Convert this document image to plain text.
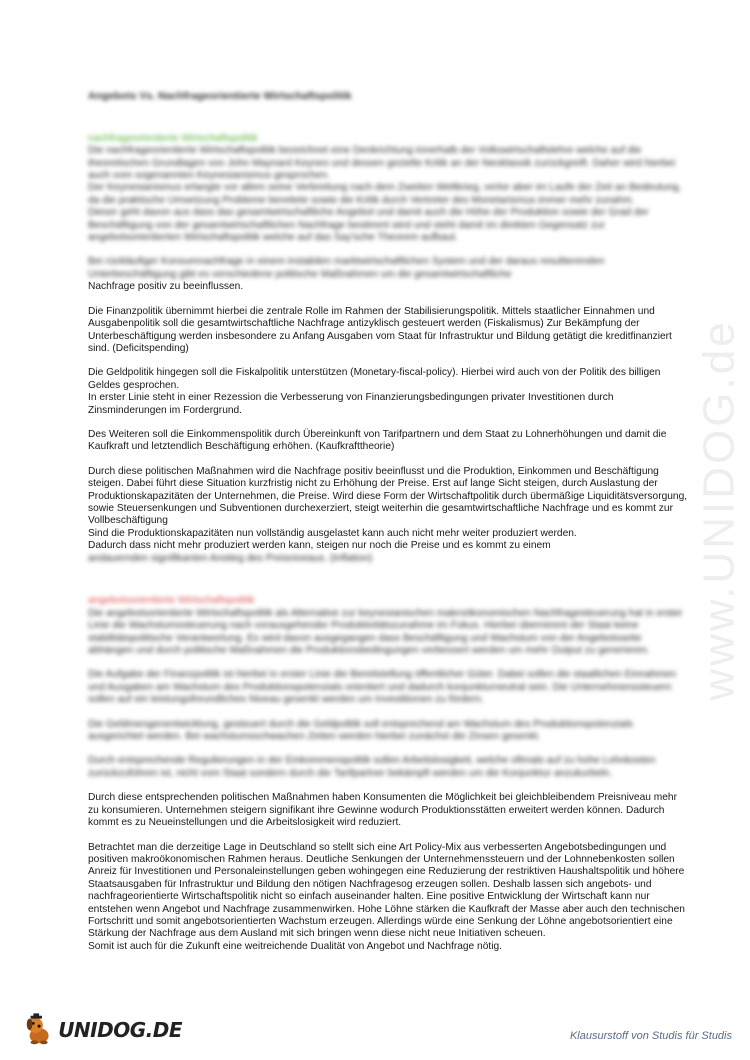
www.UNIDOG.de
Angebots Vs. Nachfrageorientierte Wirtschaftspolitik

nachfrageorientierte Wirtschaftspolitik
Die nachfrageorientierte Wirtschaftspolitik bezeichnet eine Denkrichtung innerhalb der Volkswirtschaftslehre welche auf die theoretischen Grundlagen von John Maynard Keynes und dessen gezielte Kritik an der Neoklassik zurückgreift. Daher wird hierbei auch vom sogenannten Keynesianismus gesprochen.
Der Keynesianismus erlangte vor allem seine Verbreitung nach dem Zweiten Weltkrieg, verlor aber im Laufe der Zeit an Bedeutung, da die praktische Umsetzung Probleme bereitete sowie die Kritik durch Vertreter des Monetarismus immer mehr zunahm.
Dieser geht davon aus dass das gesamtwirtschaftliche Angebot und damit auch die Höhe der Produktion sowie der Grad der Beschäftigung von der gesamtwirtschaftlichen Nachfrage bestimmt wird und steht damit im direkten Gegensatz zur angebotsorientierten Wirtschaftspolitik welche auf das Say'sche Theorem aufbaut.

Bei rückläufiger Konsumnachfrage in einem instabilen marktwirtschaftlichen System und der daraus resultierenden Unterbeschäftigung gibt es verschiedene politische Maßnahmen um die gesamtwirtschaftliche
Nachfrage positiv zu beeinflussen.
Die Finanzpolitik übernimmt hierbei die zentrale Rolle im Rahmen der Stabilisierungspolitik. Mittels staatlicher Einnahmen und Ausgabenpolitik soll die gesamtwirtschaftliche Nachfrage antizyklisch gesteuert werden (Fiskalismus) Zur Bekämpfung der Unterbeschäftigung werden insbesondere zu Anfang Ausgaben vom Staat für Infrastruktur und Bildung getätigt die kreditfinanziert sind. (Deficitspending)
Die Geldpolitik hingegen soll die Fiskalpolitik unterstützen (Monetary-fiscal-policy). Hierbei wird auch von der Politik des billigen Geldes gesprochen.
In erster Linie steht in einer Rezession die Verbesserung von Finanzierungsbedingungen privater Investitionen durch Zinsminderungen im Fordergrund.
Des Weiteren soll die Einkommenspolitik durch Übereinkunft von Tarifpartnern und dem Staat zu Lohnerhöhungen und damit die Kaufkraft und letztendlich Beschäftigung erhöhen. (Kaufkrafttheorie)
Durch diese politischen Maßnahmen wird die Nachfrage positiv beeinflusst und die Produktion, Einkommen und Beschäftigung steigen. Dabei führt diese Situation kurzfristig nicht zu Erhöhung der Preise. Erst auf lange Sicht steigen, durch Auslastung der Produktionskapazitäten der Unternehmen, die Preise. Wird diese Form der Wirtschaftpolitik durch übermäßige Liquiditätsversorgung, sowie Steuersenkungen und Subventionen durchexerziert, steigt weiterhin die gesamtwirtschaftliche Nachfrage und es kommt zur Vollbeschäftigung
Sind die Produktionskapazitäten nun vollständig ausgelastet kann auch nicht mehr weiter produziert werden.
Dadurch dass nicht mehr produziert werden kann, steigen nur noch die Preise und es kommt zu einem
andauernden signifikanten Anstieg des Preisniveaus. (Inflation)

angebotsorientierte Wirtschaftspolitik
Die angebotsorientierte Wirtschaftspolitik als Alternative zur keynesianischen makroökonomischen Nachfragesteuerung hat in erster Linie die Wachstumssteuerung nach vorausgehender Produktivitätszunahme im Fokus. Hierbei übernimmt der Staat keine stabilitätspolitische Verantwortung. Es wird davon ausgegangen dass Beschäftigung und Wachstum von der Angebotsseite abhängen und durch politische Maßnahmen die Produktionsbedingungen verbessert werden um mehr Output zu generieren.

Die Aufgabe der Finanzpolitik ist hierbei in erster Linie die Bereitstellung öffentlicher Güter. Dabei sollen die staatlichen Einnahmen und Ausgaben am Wachstum des Produktionspotenzials orientiert und dadurch konjunkturneutral sein. Die Unternehmenssteuern sollen auf ein leistungsfreundliches Niveau gesenkt werden um Investitionen zu fördern.
Die Geldmengenentwicklung, gesteuert durch die Geldpolitik soll entsprechend am Wachstum des Produktionspotenzials ausgerichtet werden. Bei wachstumsschwachen Zeiten werden hierbei zunächst die Zinsen gesenkt.
Durch entsprechende Regulierungen in der Einkommenspolitik sollen Arbeitslosigkeit, welche oftmals auf zu hohe Lohnkosten zurückzuführen ist, nicht vom Staat sondern durch die Tarifpartner bekämpft werden um die Konjunktur anzukurbeln.
Durch diese entsprechenden politischen Maßnahmen haben Konsumenten die Möglichkeit bei gleichbleibendem Preisniveau mehr zu konsumieren. Unternehmen steigern signifikant ihre Gewinne wodurch Produktionsstätten erweitert werden können. Dadurch kommt es zu Neueinstellungen und die Arbeitslosigkeit wird reduziert.
Betrachtet man die derzeitige Lage in Deutschland so stellt sich eine Art Policy-Mix aus verbesserten Angebotsbedingungen und positiven makroökonomischen Rahmen heraus. Deutliche Senkungen der Unternehmenssteuern und der Lohnnebenkosten sollen Anreiz für Investitionen und Personaleinstellungen geben wohingegen eine Reduzierung der restriktiven Haushaltspolitik und höhere Staatsausgaben für Infrastruktur und Bildung den nötigen Nachfragesog erzeugen sollen. Deshalb lassen sich angebots- und nachfrageorientierte Wirtschaftspolitik nicht so einfach auseinander halten. Eine positive Entwicklung der Wirtschaft kann nur entstehen wenn Angebot und Nachfrage zusammenwirken. Hohe Löhne stärken die Kaufkraft der Masse aber auch den technischen Fortschritt und somit angebotsorientierten Wachstum erzeugen. Allerdings würde eine Senkung der Löhne angebotsorientiert eine Stärkung der Nachfrage aus dem Ausland mit sich bringen wenn diese nicht neue Initiativen scheuen.
Somit ist auch für die Zukunft eine weitreichende Dualität von Angebot und Nachfrage nötig.
UNIDOG.DE	Klausurstoff von Studis für Studis
